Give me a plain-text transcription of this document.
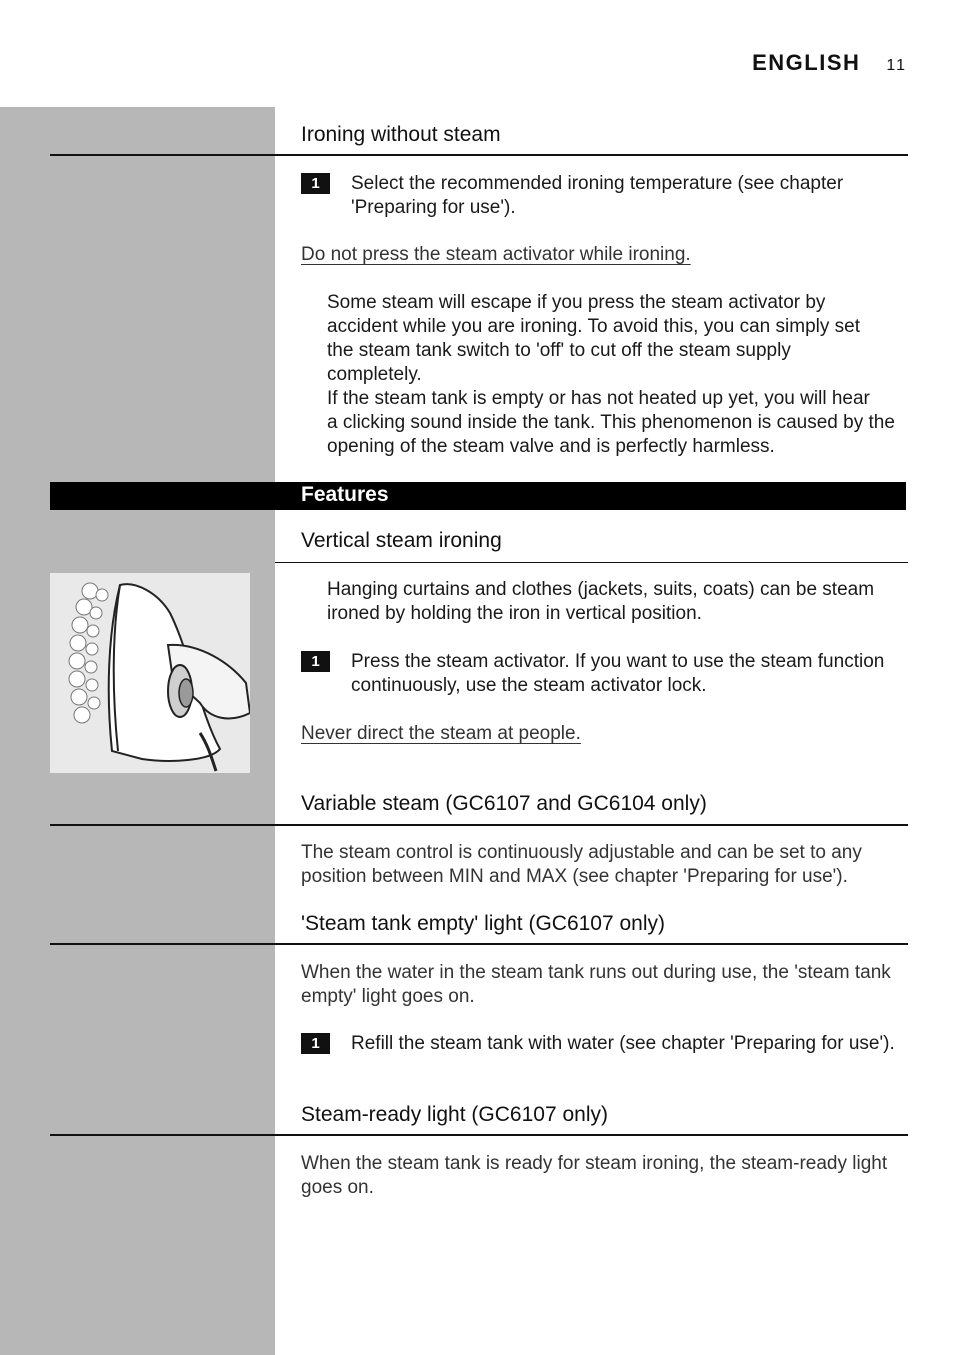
ENGLISH 11
Ironing without steam
1	Select the recommended ironing temperature (see chapter 'Preparing for use').
Do not press the steam activator while ironing.
Some steam will escape if you press the steam activator by
accident while you are ironing. To avoid this, you can simply set
the steam tank switch to 'off' to cut off the steam supply
completely.
If the steam tank is empty or has not heated up yet, you will hear
a clicking sound inside the tank. This phenomenon is caused by the
opening of the steam valve and is perfectly harmless.
Features
Vertical steam ironing
Hanging curtains and clothes (jackets, suits, coats) can be steam ironed by holding the iron in vertical position.
1	Press the steam activator. If you want to use the steam function continuously, use the steam activator lock.
Never direct the steam at people.
Variable steam (GC6107 and GC6104 only)
The steam control is continuously adjustable and can be set to any position between MIN and MAX (see chapter 'Preparing for use').
'Steam tank empty' light (GC6107 only)
When the water in the steam tank runs out during use, the 'steam tank empty' light goes on.
1	Refill the steam tank with water (see chapter 'Preparing for use').
Steam-ready light (GC6107 only)
When the steam tank is ready for steam ironing, the steam-ready light goes on.
